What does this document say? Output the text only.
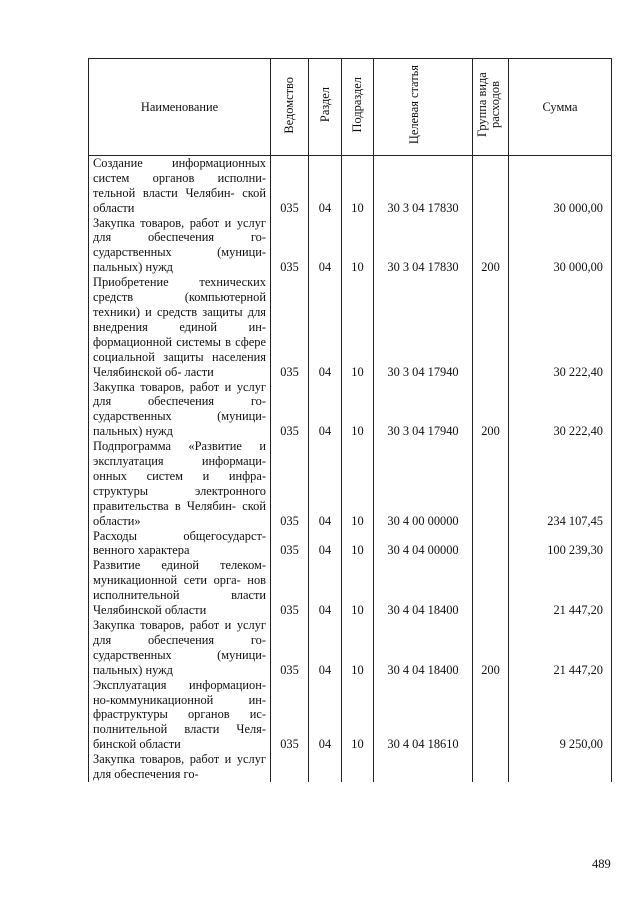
Наименование	Ведомство	Раздел	Подраздел	Целевая статья	Группа вида расходов	Сумма
Создание информационных систем органов исполни- тельной власти Челябин- ской области	035	04	10	30 3 04 17830		30 000,00
Закупка товаров, работ и услуг для обеспечения го- сударственных (муници- пальных) нужд	035	04	10	30 3 04 17830	200	30 000,00
Приобретение технических средств (компьютерной техники) и средств защиты для внедрения единой ин- формационной системы в сфере социальной защиты населения Челябинской об- ласти	035	04	10	30 3 04 17940		30 222,40
Закупка товаров, работ и услуг для обеспечения го- сударственных (муници- пальных) нужд	035	04	10	30 3 04 17940	200	30 222,40
Подпрограмма «Развитие и эксплуатация информаци- онных систем и инфра- структуры электронного правительства в Челябин- ской области»	035	04	10	30 4 00 00000		234 107,45
Расходы общегосударст- венного характера	035	04	10	30 4 04 00000		100 239,30
Развитие единой телеком- муникационной сети орга- нов исполнительной власти Челябинской области	035	04	10	30 4 04 18400		21 447,20
Закупка товаров, работ и услуг для обеспечения го- сударственных (муници- пальных) нужд	035	04	10	30 4 04 18400	200	21 447,20
Эксплуатация информацион- но-коммуникационной ин- фраструктуры органов ис- полнительной власти Челя- бинской области	035	04	10	30 4 04 18610		9 250,00
Закупка товаров, работ и услуг для обеспечения го-						
489
